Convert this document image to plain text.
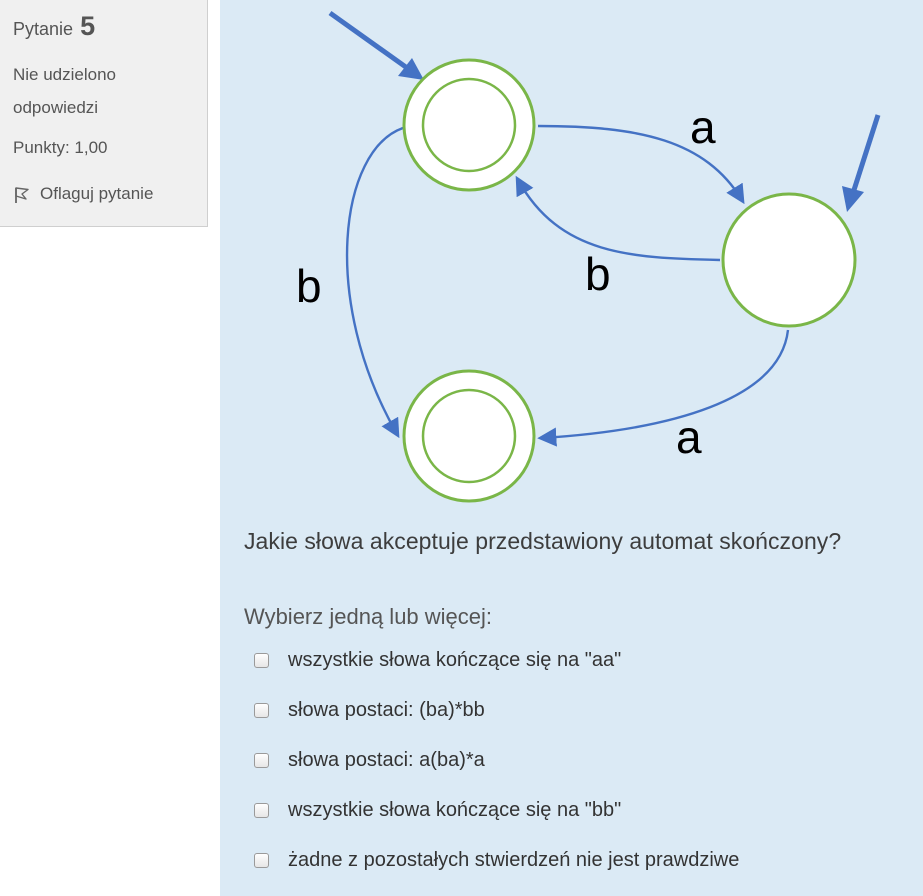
Pytanie 5
Nie udzielono odpowiedzi
Punkty: 1,00
Oflaguj pytanie
a
b
b
a
Jakie słowa akceptuje przedstawiony automat skończony?
Wybierz jedną lub więcej:
wszystkie słowa kończące się na "aa"
słowa postaci: (ba)*bb
słowa postaci: a(ba)*a
wszystkie słowa kończące się na "bb"
żadne z pozostałych stwierdzeń nie jest prawdziwe
